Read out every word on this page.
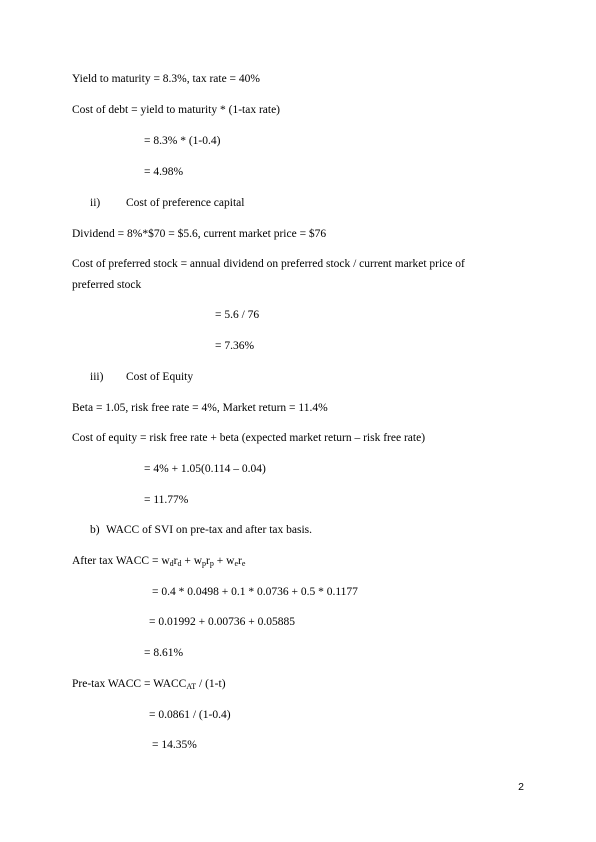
Yield to maturity = 8.3%, tax rate = 40%
Cost of debt = yield to maturity * (1-tax rate)
= 8.3% * (1-0.4)
= 4.98%
ii) Cost of preference capital
Dividend = 8%*$70 = $5.6, current market price = $76
Cost of preferred stock = annual dividend on preferred stock / current market price of preferred stock
= 5.6 / 76
= 7.36%
iii) Cost of Equity
Beta = 1.05, risk free rate = 4%, Market return = 11.4%
Cost of equity = risk free rate + beta (expected market return – risk free rate)
= 4% + 1.05(0.114 – 0.04)
= 11.77%
b) WACC of SVI on pre-tax and after tax basis.
After tax WACC = $w_dr_d + w_pr_p + w_er_e$
= 0.4 * 0.0498 + 0.1 * 0.0736 + 0.5 * 0.1177
= 0.01992 + 0.00736 + 0.05885
= 8.61%
Pre-tax WACC = $WACC_{AT} / (1-t)$
= 0.0861 / (1-0.4)
= 14.35%
2
